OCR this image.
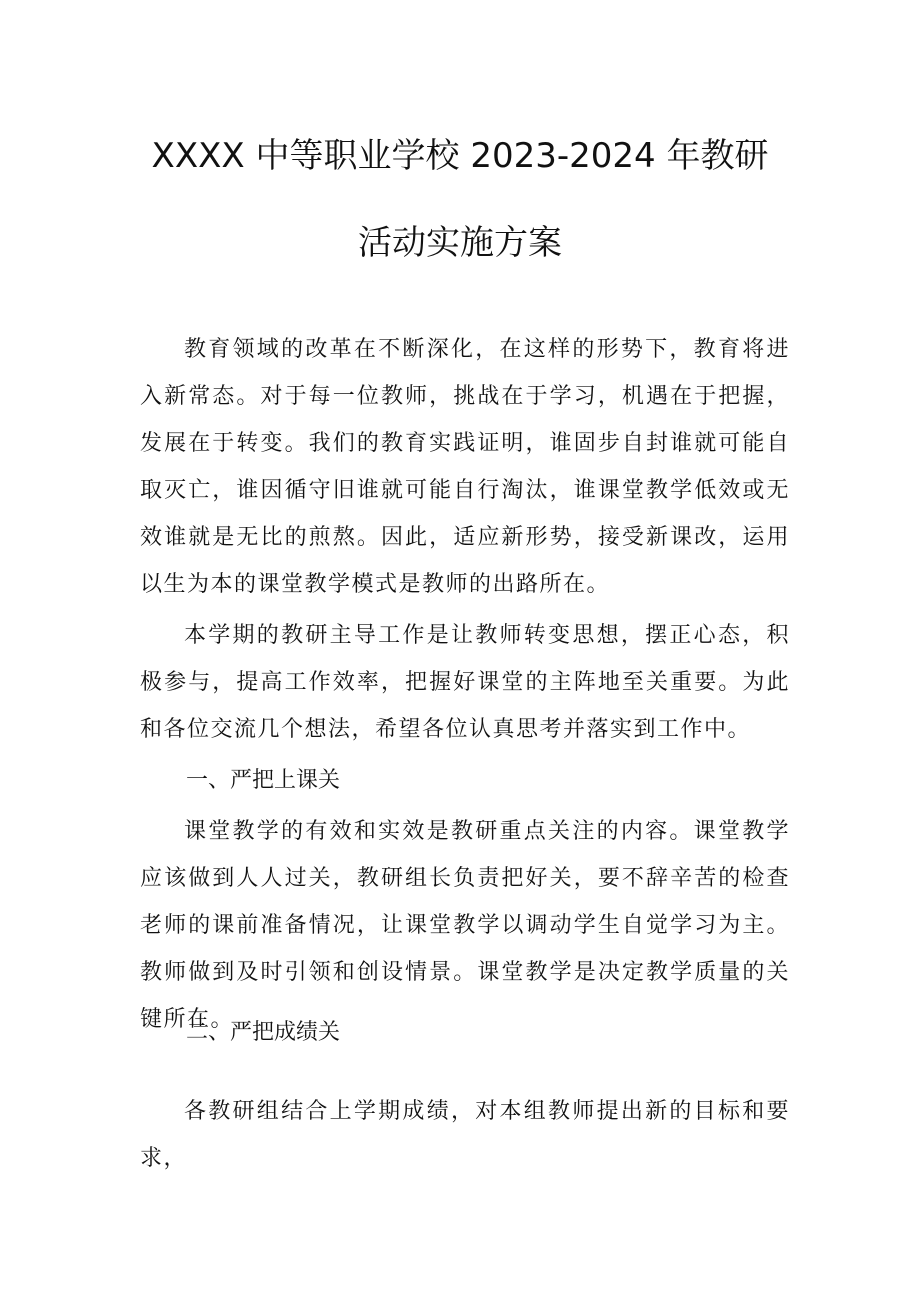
XXXX 中等职业学校 2023-2024 年教研
活动实施方案
教育领域的改革在不断深化，在这样的形势下，教育将进入新常态。对于每一位教师，挑战在于学习，机遇在于把握，发展在于转变。我们的教育实践证明，谁固步自封谁就可能自取灭亡，谁因循守旧谁就可能自行淘汰，谁课堂教学低效或无效谁就是无比的煎熬。因此，适应新形势，接受新课改，运用以生为本的课堂教学模式是教师的出路所在。
本学期的教研主导工作是让教师转变思想，摆正心态，积极参与，提高工作效率，把握好课堂的主阵地至关重要。为此和各位交流几个想法，希望各位认真思考并落实到工作中。
一、严把上课关
课堂教学的有效和实效是教研重点关注的内容。课堂教学应该做到人人过关，教研组长负责把好关，要不辞辛苦的检查老师的课前准备情况，让课堂教学以调动学生自觉学习为主。教师做到及时引领和创设情景。课堂教学是决定教学质量的关键所在。
二、严把成绩关
各教研组结合上学期成绩，对本组教师提出新的目标和要求，
